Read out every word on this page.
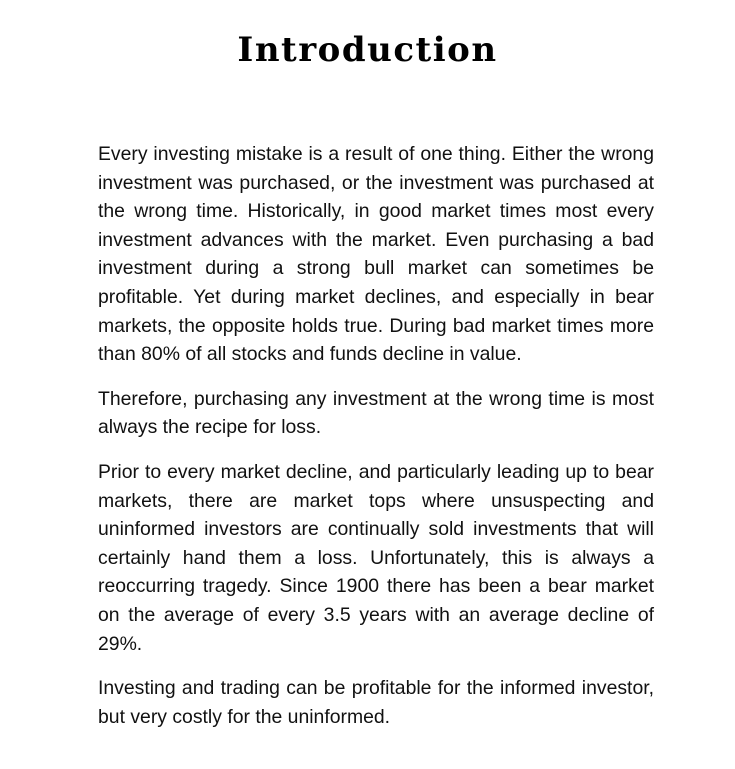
Introduction

Every investing mistake is a result of one thing. Either the wrong investment was purchased, or the investment was purchased at the wrong time. Historically, in good market times most every investment advances with the market. Even purchasing a bad investment during a strong bull market can sometimes be profitable. Yet during market declines, and especially in bear markets, the opposite holds true. During bad market times more than 80% of all stocks and funds decline in value.

Therefore, purchasing any investment at the wrong time is most always the recipe for loss.

Prior to every market decline, and particularly leading up to bear markets, there are market tops where unsuspecting and uninformed investors are continually sold investments that will certainly hand them a loss. Unfortunately, this is always a reoccurring tragedy. Since 1900 there has been a bear market on the average of every 3.5 years with an average decline of 29%.

Investing and trading can be profitable for the informed investor, but very costly for the uninformed.
